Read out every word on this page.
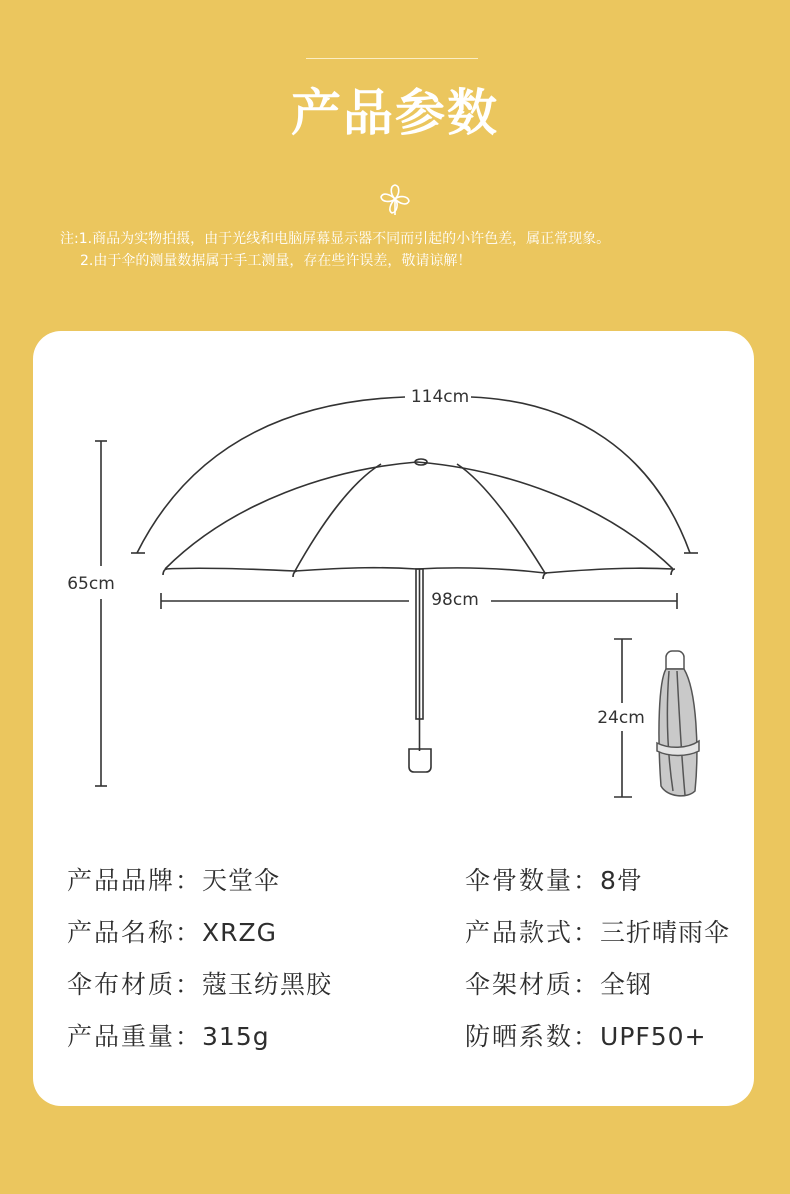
产品参数
注:1.商品为实物拍摄，由于光线和电脑屏幕显示器不同而引起的小许色差，属正常现象。
2.由于伞的测量数据属于手工测量，存在些许误差，敬请谅解！
114cm
65cm
98cm
24cm
产品品牌：天堂伞	伞骨数量：8骨
产品名称：XRZG	产品款式：三折晴雨伞
伞布材质：蔻玉纺黑胶	伞架材质：全钢
产品重量：315g	防晒系数：UPF50+
